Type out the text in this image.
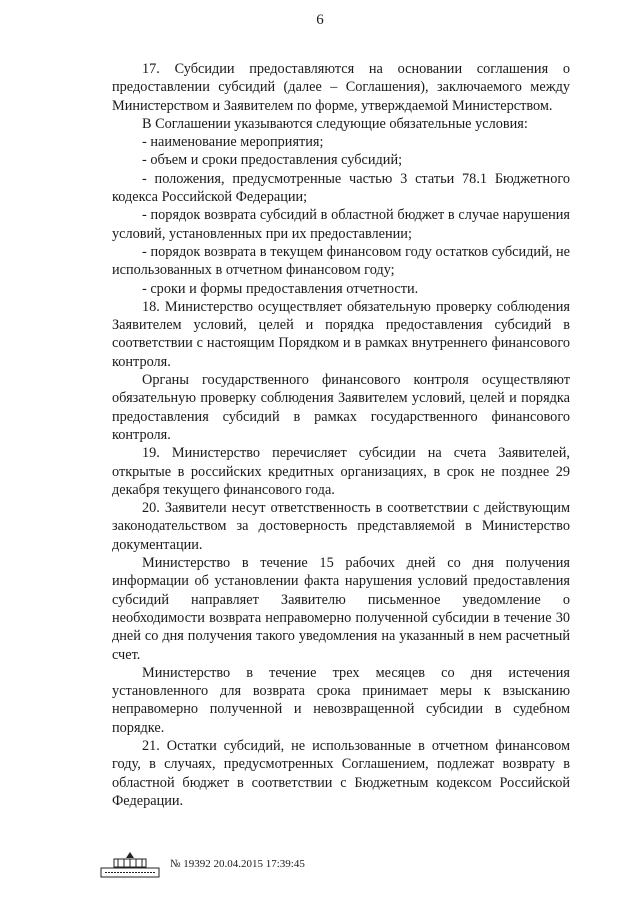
6

17. Субсидии предоставляются на основании соглашения о предоставлении субсидий (далее – Соглашения), заключаемого между Министерством и Заявителем по форме, утверждаемой Министерством.

В Соглашении указываются следующие обязательные условия:

- наименование мероприятия;

- объем и сроки предоставления субсидий;

- положения, предусмотренные частью 3 статьи 78.1 Бюджетного кодекса Российской Федерации;

- порядок возврата субсидий в областной бюджет в случае нарушения условий, установленных при их предоставлении;

- порядок возврата в текущем финансовом году остатков субсидий, не использованных в отчетном финансовом году;

- сроки и формы предоставления отчетности.

18. Министерство осуществляет обязательную проверку соблюдения Заявителем условий, целей и порядка предоставления субсидий в соответствии с настоящим Порядком и в рамках внутреннего финансового контроля.

Органы государственного финансового контроля осуществляют обязательную проверку соблюдения Заявителем условий, целей и порядка предоставления субсидий в рамках государственного финансового контроля.

19. Министерство перечисляет субсидии на счета Заявителей, открытые в российских кредитных организациях, в срок не позднее 29 декабря текущего финансового года.

20. Заявители несут ответственность в соответствии с действующим законодательством за достоверность представляемой в Министерство документации.

Министерство в течение 15 рабочих дней со дня получения информации об установлении факта нарушения условий предоставления субсидий направляет Заявителю письменное уведомление о необходимости возврата неправомерно полученной субсидии в течение 30 дней со дня получения такого уведомления на указанный в нем расчетный счет.

Министерство в течение трех месяцев со дня истечения установленного для возврата срока принимает меры к взысканию неправомерно полученной и невозвращенной субсидии в судебном порядке.

21. Остатки субсидий, не использованные в отчетном финансовом году, в случаях, предусмотренных Соглашением, подлежат возврату в областной бюджет в соответствии с Бюджетным кодексом Российской Федерации.

№ 19392 20.04.2015 17:39:45
